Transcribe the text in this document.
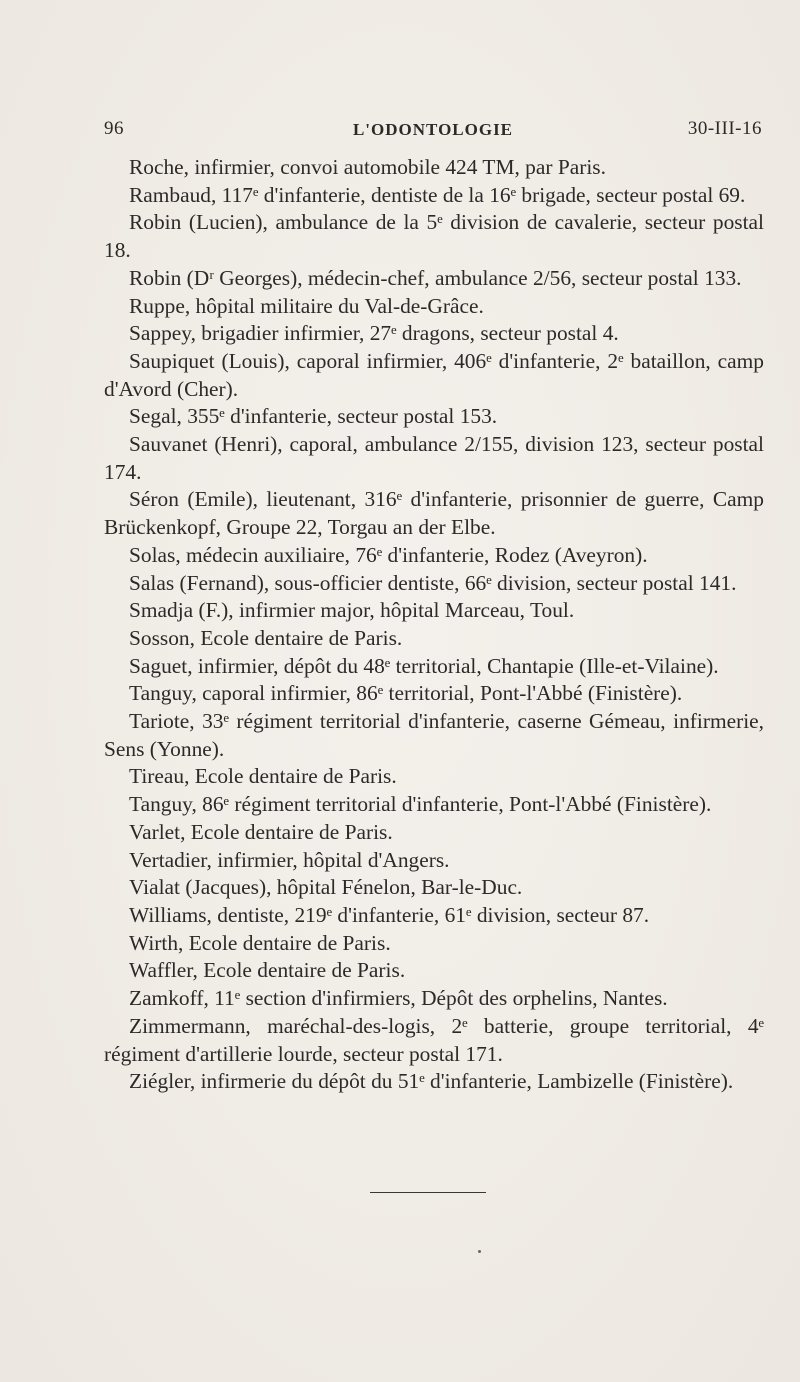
96	L'ODONTOLOGIE	30-III-16
Roche, infirmier, convoi automobile 424 TM, par Paris.
Rambaud, 117ᵉ d'infanterie, dentiste de la 16ᵉ brigade, secteur postal 69.
Robin (Lucien), ambulance de la 5ᵉ division de cavalerie, secteur postal 18.
Robin (Dʳ Georges), médecin-chef, ambulance 2/56, secteur postal 133.
Ruppe, hôpital militaire du Val-de-Grâce.
Sappey, brigadier infirmier, 27ᵉ dragons, secteur postal 4.
Saupiquet (Louis), caporal infirmier, 406ᵉ d'infanterie, 2ᵉ bataillon, camp d'Avord (Cher).
Segal, 355ᵉ d'infanterie, secteur postal 153.
Sauvanet (Henri), caporal, ambulance 2/155, division 123, secteur postal 174.
Séron (Emile), lieutenant, 316ᵉ d'infanterie, prisonnier de guerre, Camp Brückenkopf, Groupe 22, Torgau an der Elbe.
Solas, médecin auxiliaire, 76ᵉ d'infanterie, Rodez (Aveyron).
Salas (Fernand), sous-officier dentiste, 66ᵉ division, secteur postal 141.
Smadja (F.), infirmier major, hôpital Marceau, Toul.
Sosson, Ecole dentaire de Paris.
Saguet, infirmier, dépôt du 48ᵉ territorial, Chantapie (Ille-et-Vilaine).
Tanguy, caporal infirmier, 86ᵉ territorial, Pont-l'Abbé (Finistère).
Tariote, 33ᵉ régiment territorial d'infanterie, caserne Gémeau, infirmerie, Sens (Yonne).
Tireau, Ecole dentaire de Paris.
Tanguy, 86ᵉ régiment territorial d'infanterie, Pont-l'Abbé (Finistère).
Varlet, Ecole dentaire de Paris.
Vertadier, infirmier, hôpital d'Angers.
Vialat (Jacques), hôpital Fénelon, Bar-le-Duc.
Williams, dentiste, 219ᵉ d'infanterie, 61ᵉ division, secteur 87.
Wirth, Ecole dentaire de Paris.
Waffler, Ecole dentaire de Paris.
Zamkoff, 11ᵉ section d'infirmiers, Dépôt des orphelins, Nantes.
Zimmermann, maréchal-des-logis, 2ᵉ batterie, groupe territorial, 4ᵉ régiment d'artillerie lourde, secteur postal 171.
Ziégler, infirmerie du dépôt du 51ᵉ d'infanterie, Lambizelle (Finistère).
